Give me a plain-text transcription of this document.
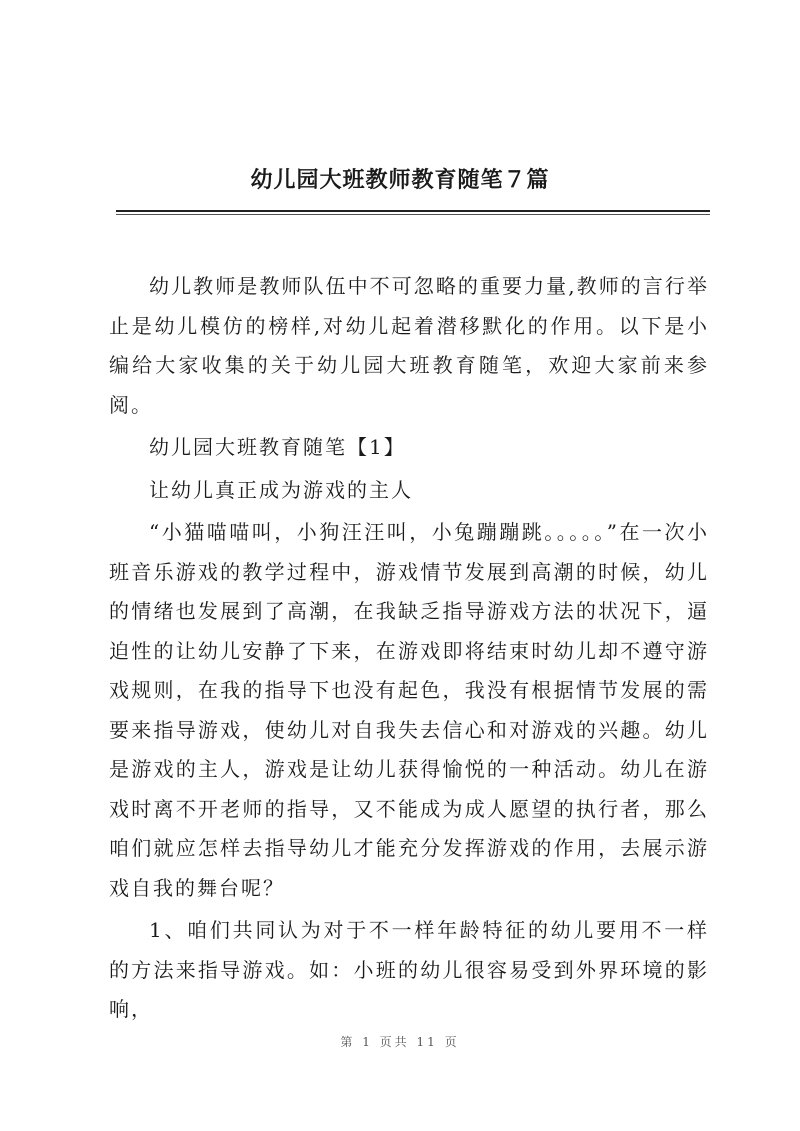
幼儿园大班教师教育随笔７篇

幼儿教师是教师队伍中不可忽略的重要力量,教师的言行举止是幼儿模仿的榜样,对幼儿起着潜移默化的作用。以下是小编给大家收集的关于幼儿园大班教育随笔，欢迎大家前来参阅。

幼儿园大班教育随笔【1】

让幼儿真正成为游戏的主人

“小猫喵喵叫，小狗汪汪叫，小兔蹦蹦跳。。。。。”在一次小班音乐游戏的教学过程中，游戏情节发展到高潮的时候，幼儿的情绪也发展到了高潮，在我缺乏指导游戏方法的状况下，逼迫性的让幼儿安静了下来，在游戏即将结束时幼儿却不遵守游戏规则，在我的指导下也没有起色，我没有根据情节发展的需要来指导游戏，使幼儿对自我失去信心和对游戏的兴趣。幼儿是游戏的主人，游戏是让幼儿获得愉悦的一种活动。幼儿在游戏时离不开老师的指导，又不能成为成人愿望的执行者，那么咱们就应怎样去指导幼儿才能充分发挥游戏的作用，去展示游戏自我的舞台呢？

1、咱们共同认为对于不一样年龄特征的幼儿要用不一样的方法来指导游戏。如：小班的幼儿很容易受到外界环境的影响，

第 1 页共 11 页
